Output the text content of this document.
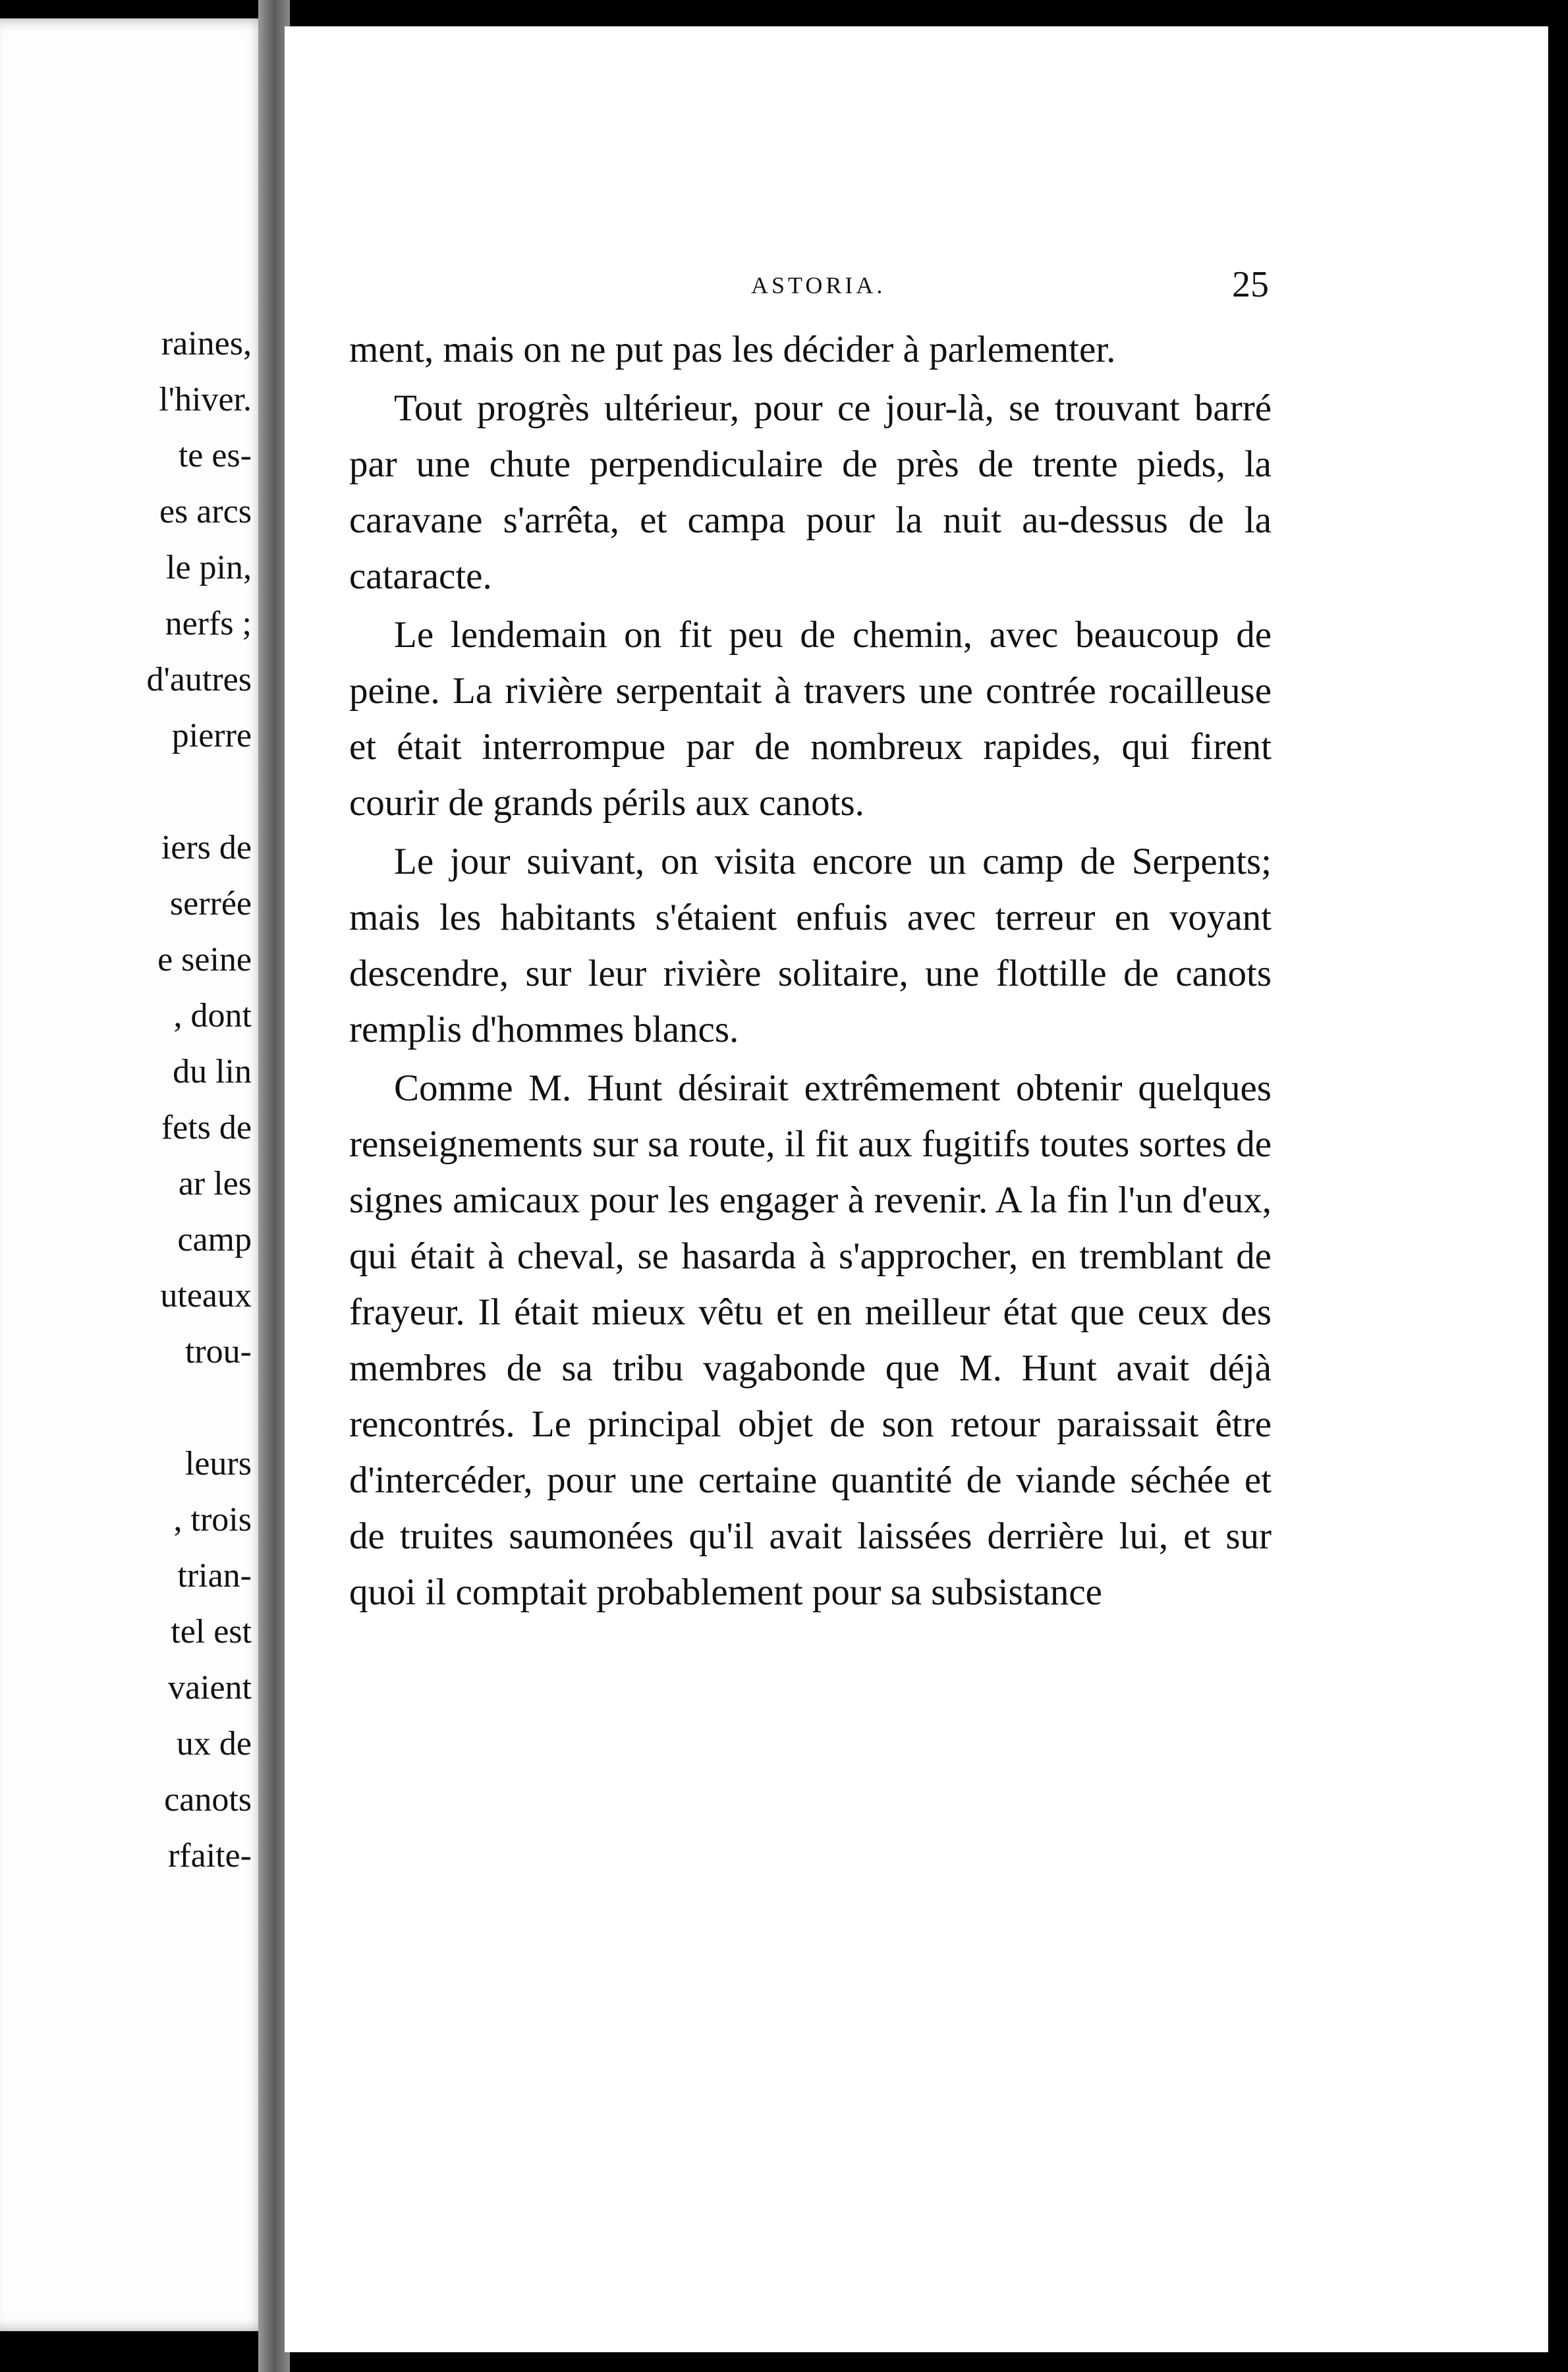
raines,
l'hiver.
te es-
es arcs
le pin,
nerfs ;
d'autres
pierre
iers de
serrée
e seine
, dont
du lin
fets de
ar les
camp
uteaux
trou-
leurs
, trois
trian-
tel est
vaient
ux de
canots
rfaite-
ASTORIA.	25

ment, mais on ne put pas les décider à parlementer.

Tout progrès ultérieur, pour ce jour-là, se trouvant barré par une chute perpendiculaire de près de trente pieds, la caravane s'arrêta, et campa pour la nuit au-dessus de la cataracte.

Le lendemain on fit peu de chemin, avec beaucoup de peine. La rivière serpentait à travers une contrée rocailleuse et était interrompue par de nombreux rapides, qui firent courir de grands périls aux canots.

Le jour suivant, on visita encore un camp de Serpents; mais les habitants s'étaient enfuis avec terreur en voyant descendre, sur leur rivière solitaire, une flottille de canots remplis d'hommes blancs.

Comme M. Hunt désirait extrêmement obtenir quelques renseignements sur sa route, il fit aux fugitifs toutes sortes de signes amicaux pour les engager à revenir. A la fin l'un d'eux, qui était à cheval, se hasarda à s'approcher, en tremblant de frayeur. Il était mieux vêtu et en meilleur état que ceux des membres de sa tribu vagabonde que M. Hunt avait déjà rencontrés. Le principal objet de son retour paraissait être d'intercéder, pour une certaine quantité de viande séchée et de truites saumonées qu'il avait laissées derrière lui, et sur quoi il comptait probablement pour sa subsistance
